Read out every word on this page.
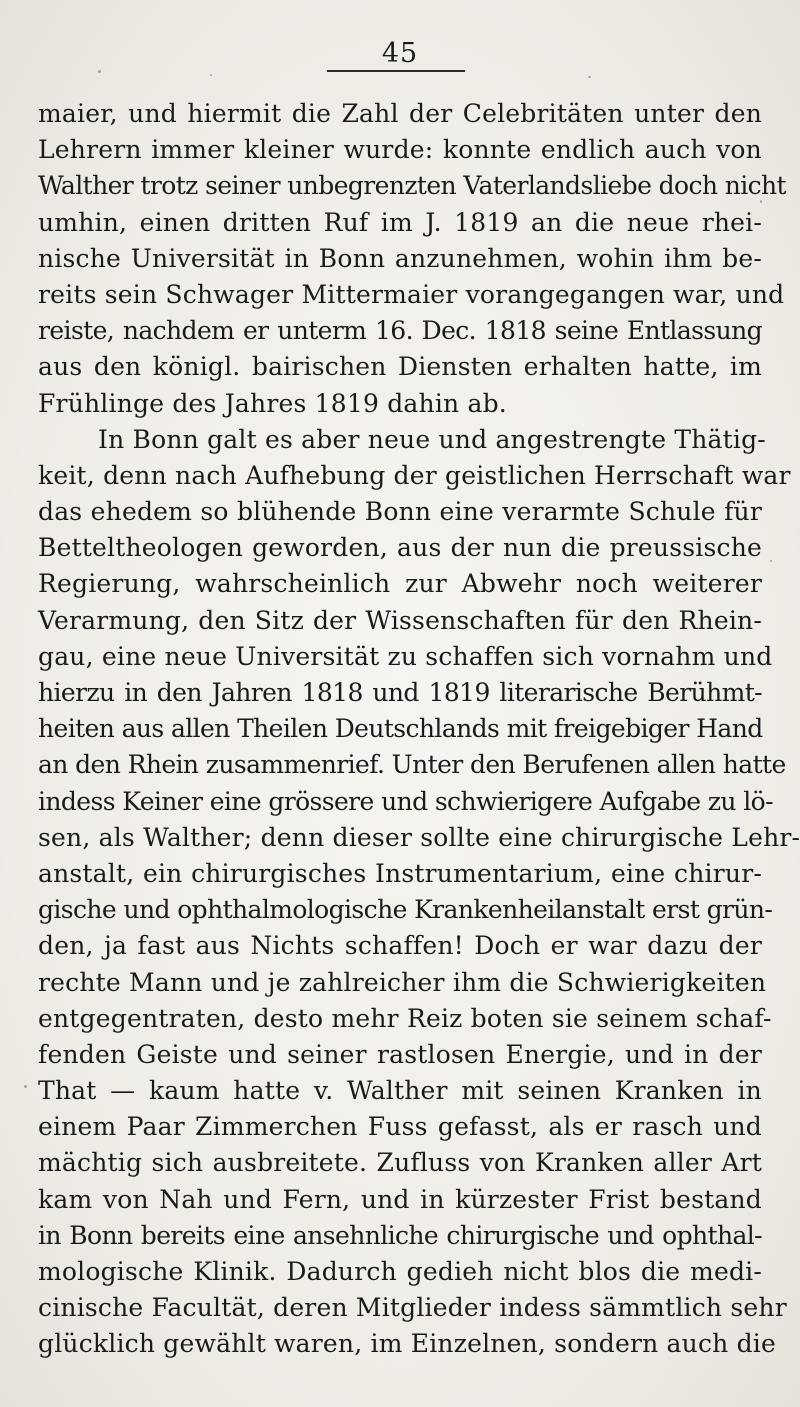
45
maier, und hiermit die Zahl der Celebritäten unter den
Lehrern immer kleiner wurde: konnte endlich auch von
Walther trotz seiner unbegrenzten Vaterlandsliebe doch nicht
umhin, einen dritten Ruf im J. 1819 an die neue rhei-
nische Universität in Bonn anzunehmen, wohin ihm be-
reits sein Schwager Mittermaier vorangegangen war, und
reiste, nachdem er unterm 16. Dec. 1818 seine Entlassung
aus den königl. bairischen Diensten erhalten hatte, im
Frühlinge des Jahres 1819 dahin ab.
In Bonn galt es aber neue und angestrengte Thätig-
keit, denn nach Aufhebung der geistlichen Herrschaft war
das ehedem so blühende Bonn eine verarmte Schule für
Betteltheologen geworden, aus der nun die preussische
Regierung, wahrscheinlich zur Abwehr noch weiterer
Verarmung, den Sitz der Wissenschaften für den Rhein-
gau, eine neue Universität zu schaffen sich vornahm und
hierzu in den Jahren 1818 und 1819 literarische Berühmt-
heiten aus allen Theilen Deutschlands mit freigebiger Hand
an den Rhein zusammenrief. Unter den Berufenen allen hatte
indess Keiner eine grössere und schwierigere Aufgabe zu lö-
sen, als Walther; denn dieser sollte eine chirurgische Lehr-
anstalt, ein chirurgisches Instrumentarium, eine chirur-
gische und ophthalmologische Krankenheilanstalt erst grün-
den, ja fast aus Nichts schaffen! Doch er war dazu der
rechte Mann und je zahlreicher ihm die Schwierigkeiten
entgegentraten, desto mehr Reiz boten sie seinem schaf-
fenden Geiste und seiner rastlosen Energie, und in der
That — kaum hatte v. Walther mit seinen Kranken in
einem Paar Zimmerchen Fuss gefasst, als er rasch und
mächtig sich ausbreitete. Zufluss von Kranken aller Art
kam von Nah und Fern, und in kürzester Frist bestand
in Bonn bereits eine ansehnliche chirurgische und ophthal-
mologische Klinik. Dadurch gedieh nicht blos die medi-
cinische Facultät, deren Mitglieder indess sämmtlich sehr
glücklich gewählt waren, im Einzelnen, sondern auch die
